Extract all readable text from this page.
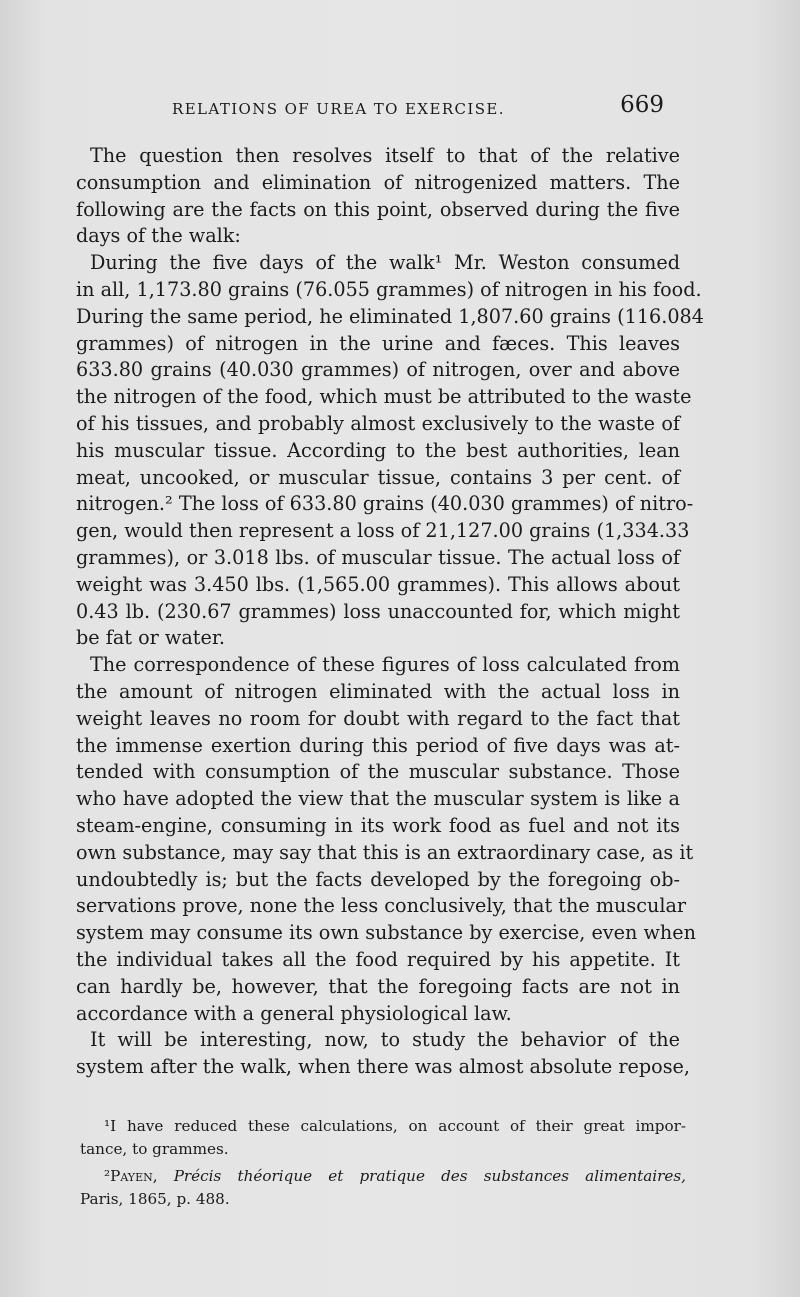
RELATIONS OF UREA TO EXERCISE.	669
The question then resolves itself to that of the relative
consumption and elimination of nitrogenized matters. The
following are the facts on this point, observed during the five
days of the walk:
During the five days of the walk¹ Mr. Weston consumed
in all, 1,173.80 grains (76.055 grammes) of nitrogen in his food.
During the same period, he eliminated 1,807.60 grains (116.084
grammes) of nitrogen in the urine and fæces. This leaves
633.80 grains (40.030 grammes) of nitrogen, over and above
the nitrogen of the food, which must be attributed to the waste
of his tissues, and probably almost exclusively to the waste of
his muscular tissue. According to the best authorities, lean
meat, uncooked, or muscular tissue, contains 3 per cent. of
nitrogen.² The loss of 633.80 grains (40.030 grammes) of nitro-
gen, would then represent a loss of 21,127.00 grains (1,334.33
grammes), or 3.018 lbs. of muscular tissue. The actual loss of
weight was 3.450 lbs. (1,565.00 grammes). This allows about
0.43 lb. (230.67 grammes) loss unaccounted for, which might
be fat or water.
The correspondence of these figures of loss calculated from
the amount of nitrogen eliminated with the actual loss in
weight leaves no room for doubt with regard to the fact that
the immense exertion during this period of five days was at-
tended with consumption of the muscular substance. Those
who have adopted the view that the muscular system is like a
steam-engine, consuming in its work food as fuel and not its
own substance, may say that this is an extraordinary case, as it
undoubtedly is; but the facts developed by the foregoing ob-
servations prove, none the less conclusively, that the muscular
system may consume its own substance by exercise, even when
the individual takes all the food required by his appetite. It
can hardly be, however, that the foregoing facts are not in
accordance with a general physiological law.
It will be interesting, now, to study the behavior of the
system after the walk, when there was almost absolute repose,
¹I have reduced these calculations, on account of their great impor-
tance, to grammes.
²Payen, Précis théorique et pratique des substances alimentaires,
Paris, 1865, p. 488.
